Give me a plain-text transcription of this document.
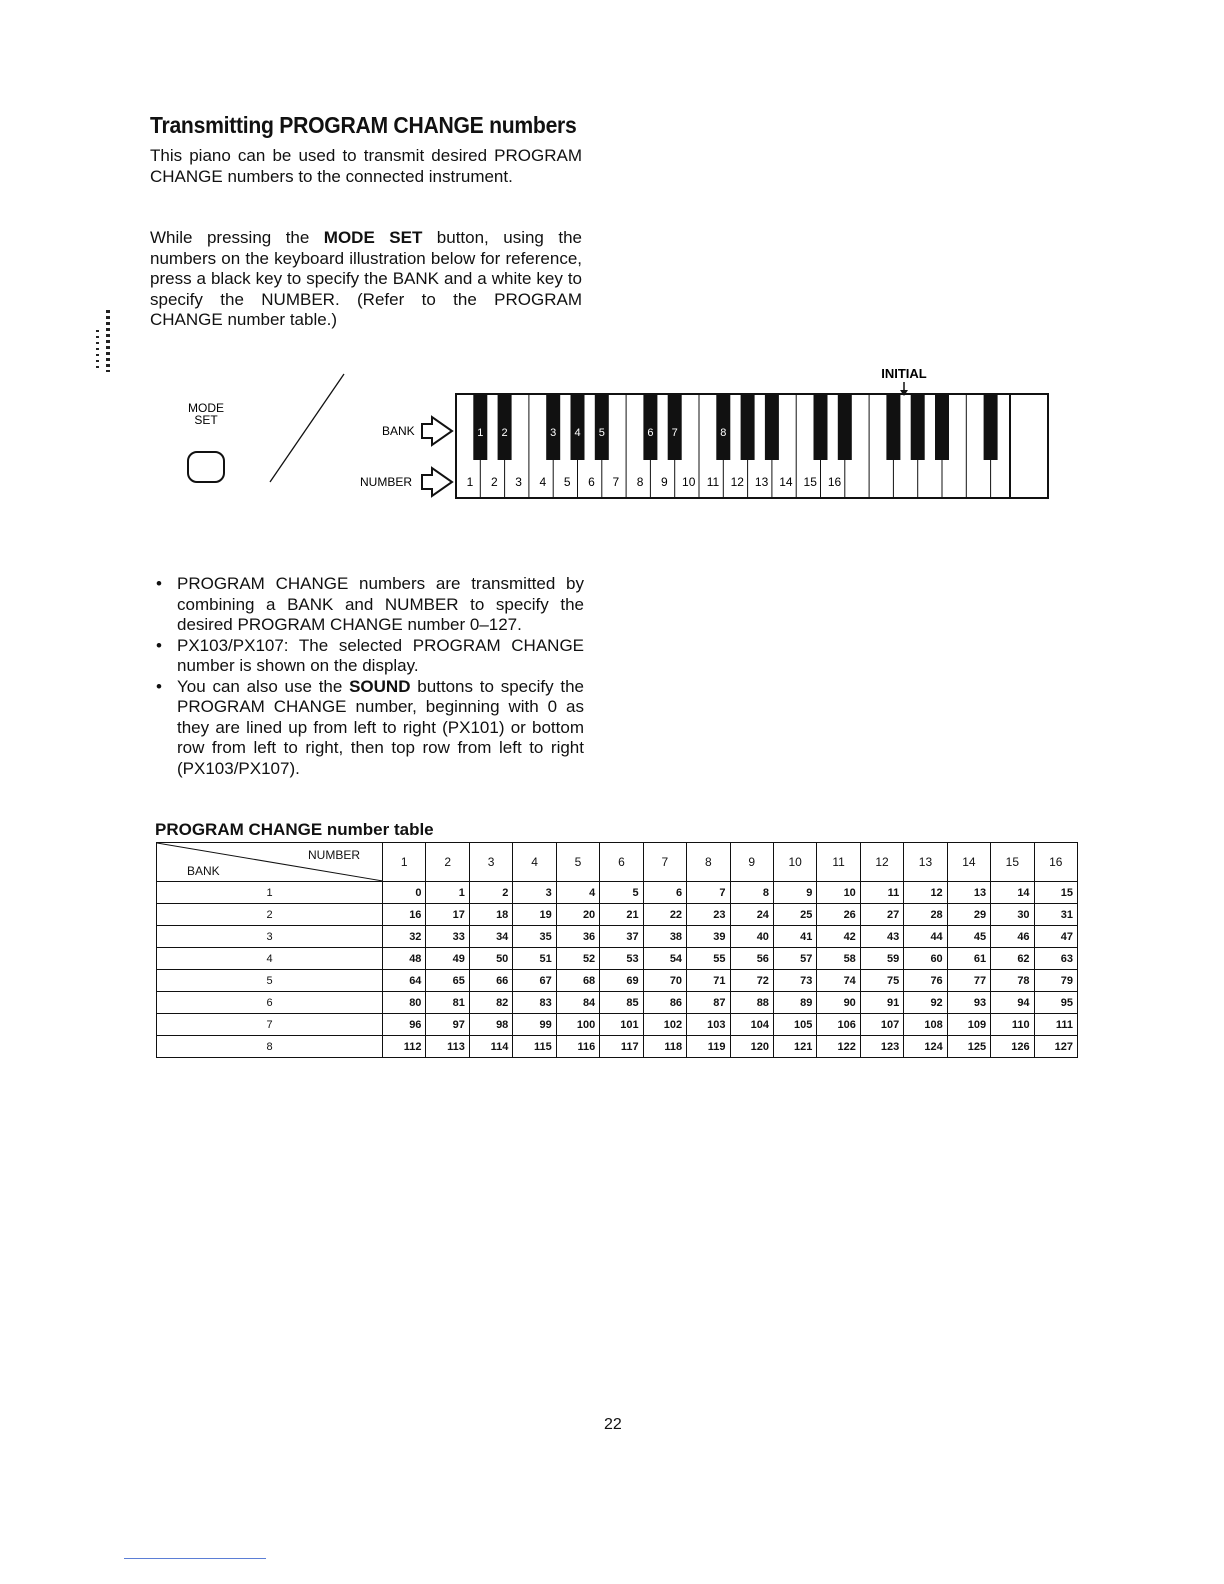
Transmitting PROGRAM CHANGE numbers

This piano can be used to transmit desired PROGRAM CHANGE numbers to the connected instrument.

While pressing the MODE SET button, using the numbers on the keyboard illustration below for reference, press a black key to specify the BANK and a white key to specify the NUMBER. (Refer to the PROGRAM CHANGE number table.)

MODE
SET
BANK
NUMBER
INITIAL
1 2 3 4 5 6 7 8 9 10 11 12 13 14 15 16
1 2	3 4 5	6 7	8
• PROGRAM CHANGE numbers are transmitted by combining a BANK and NUMBER to specify the desired PROGRAM CHANGE number 0–127.
• PX103/PX107: The selected PROGRAM CHANGE number is shown on the display.
• You can also use the SOUND buttons to specify the PROGRAM CHANGE number, beginning with 0 as they are lined up from left to right (PX101) or bottom row from left to right, then top row from left to right (PX103/PX107).
PROGRAM CHANGE number table
NUMBER
BANK	1	2	3	4	5	6	7	8	9	10	11	12	13	14	15	16
1	0	1	2	3	4	5	6	7	8	9	10	11	12	13	14	15
2	16	17	18	19	20	21	22	23	24	25	26	27	28	29	30	31
3	32	33	34	35	36	37	38	39	40	41	42	43	44	45	46	47
4	48	49	50	51	52	53	54	55	56	57	58	59	60	61	62	63
5	64	65	66	67	68	69	70	71	72	73	74	75	76	77	78	79
6	80	81	82	83	84	85	86	87	88	89	90	91	92	93	94	95
7	96	97	98	99	100	101	102	103	104	105	106	107	108	109	110	111
8	112	113	114	115	116	117	118	119	120	121	122	123	124	125	126	127
22
